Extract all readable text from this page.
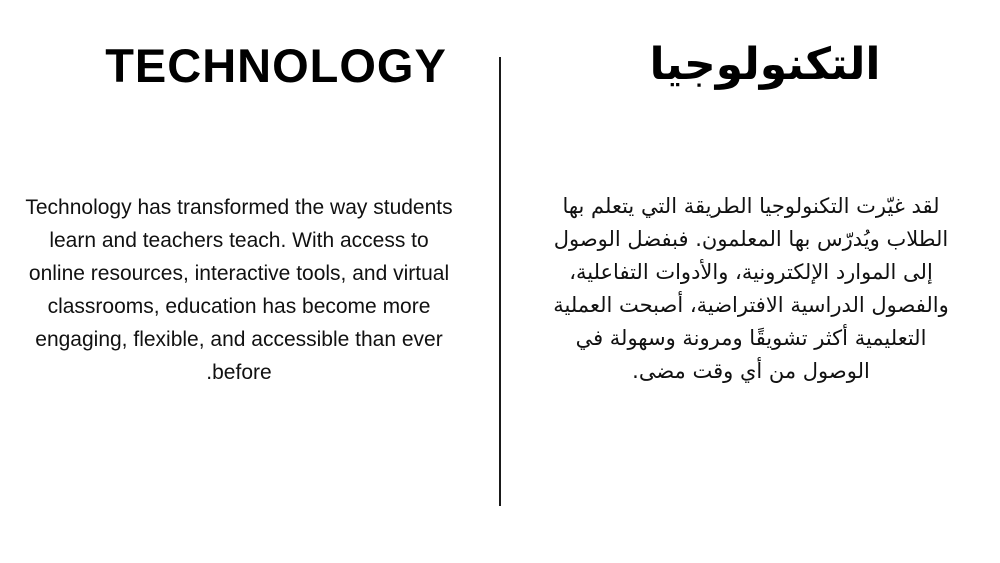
TECHNOLOGY	التكنولوجيا
Technology has transformed the way students
learn and teachers teach. With access to
online resources, interactive tools, and virtual
classrooms, education has become more
engaging, flexible, and accessible than ever
.before
لقد غيّرت التكنولوجيا الطريقة التي يتعلم بها
الطلاب ويُدرّس بها المعلمون. فبفضل الوصول
إلى الموارد الإلكترونية، والأدوات التفاعلية،
والفصول الدراسية الافتراضية، أصبحت العملية
التعليمية أكثر تشويقًا ومرونة وسهولة في
الوصول من أي وقت مضى.
